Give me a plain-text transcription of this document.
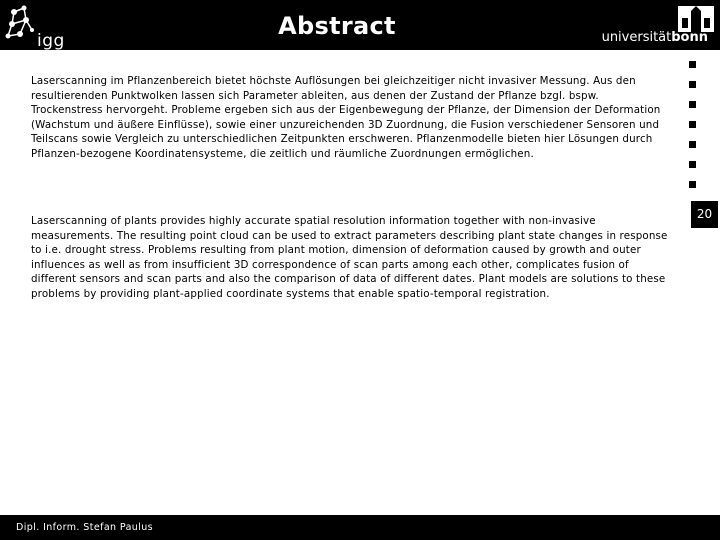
igg
Abstract	universitätbonn
20

Laserscanning im Pflanzenbereich bietet höchste Auflösungen bei gleichzeitiger nicht invasiver Messung. Aus den resultierenden Punktwolken lassen sich Parameter ableiten, aus denen der Zustand der Pflanze bzgl. bspw. Trockenstress hervorgeht. Probleme ergeben sich aus der Eigenbewegung der Pflanze, der Dimension der Deformation (Wachstum und äußere Einflüsse), sowie einer unzureichenden 3D Zuordnung, die Fusion verschiedener Sensoren und Teilscans sowie Vergleich zu unterschiedlichen Zeitpunkten erschweren. Pflanzenmodelle bieten hier Lösungen durch Pflanzen-bezogene Koordinatensysteme, die zeitlich und räumliche Zuordnungen ermöglichen.

Laserscanning of plants provides highly accurate spatial resolution information together with non-invasive measurements. The resulting point cloud can be used to extract parameters describing plant state changes in response to i.e. drought stress. Problems resulting from plant motion, dimension of deformation caused by growth and outer influences as well as from insufficient 3D correspondence of scan parts among each other, complicates fusion of different sensors and scan parts and also the comparison of data of different dates. Plant models are solutions to these problems by providing plant-applied coordinate systems that enable spatio-temporal registration.

Dipl. Inform. Stefan Paulus
